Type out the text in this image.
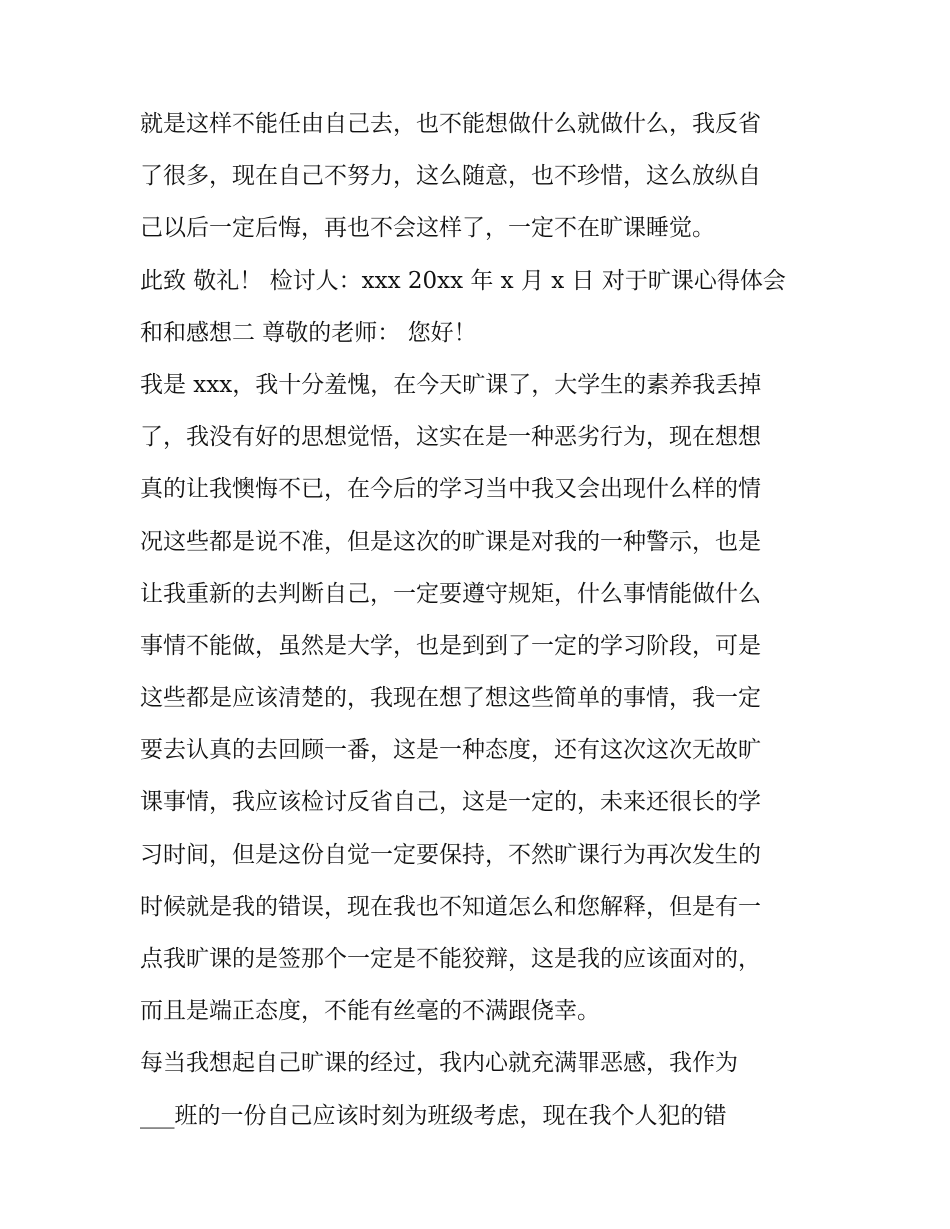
就是这样不能任由自己去，也不能想做什么就做什么，我反省
了很多，现在自己不努力，这么随意，也不珍惜，这么放纵自
己以后一定后悔，再也不会这样了，一定不在旷课睡觉。
此致 敬礼！ 检讨人：xxx 20xx 年 x 月 x 日 对于旷课心得体会
和和感想二 尊敬的老师： 您好！
我是 xxx，我十分羞愧，在今天旷课了，大学生的素养我丢掉
了，我没有好的思想觉悟，这实在是一种恶劣行为，现在想想
真的让我懊悔不已，在今后的学习当中我又会出现什么样的情
况这些都是说不准，但是这次的旷课是对我的一种警示，也是
让我重新的去判断自己，一定要遵守规矩，什么事情能做什么
事情不能做，虽然是大学，也是到到了一定的学习阶段，可是
这些都是应该清楚的，我现在想了想这些简单的事情，我一定
要去认真的去回顾一番，这是一种态度，还有这次这次无故旷
课事情，我应该检讨反省自己，这是一定的，未来还很长的学
习时间，但是这份自觉一定要保持，不然旷课行为再次发生的
时候就是我的错误，现在我也不知道怎么和您解释，但是有一
点我旷课的是签那个一定是不能狡辩，这是我的应该面对的，
而且是端正态度，不能有丝毫的不满跟侥幸。
每当我想起自己旷课的经过，我内心就充满罪恶感，我作为
___班的一份自己应该时刻为班级考虑，现在我个人犯的错
